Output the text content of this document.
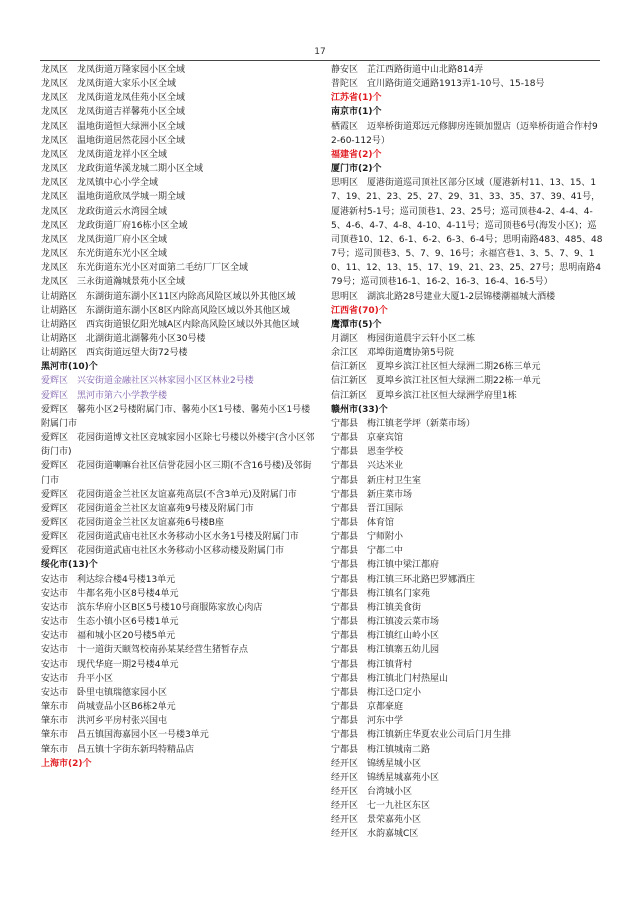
17
龙凤区　龙凤街道万隆家园小区全域
龙凤区　龙凤街道大家乐小区全域
龙凤区　龙凤街道龙凤佳苑小区全域
龙凤区　龙凤街道吉祥馨苑小区全域
龙凤区　温地街道恒大绿洲小区全域
龙凤区　温地街道居然花园小区全域
龙凤区　龙凤街道龙祥小区全域
龙凤区　龙政街道华溪龙城二期小区全域
龙凤区　龙凤镇中心小学全域
龙凤区　温地街道欣凤学城一期全域
龙凤区　龙政街道云水湾园全域
龙凤区　龙政街道厂府16栋小区全域
龙凤区　龙凤街道厂府小区全域
龙凤区　东光街道东光小区全域
龙凤区　东光街道东光小区对面第二毛纺厂厂区全域
龙凤区　三永街道瀚城景苑小区全域
让胡路区　东湖街道东湖小区11区内除高风险区域以外其他区域
让胡路区　东湖街道东湖小区8区内除高风险区域以外其他区域
让胡路区　西宾街道银亿阳光城A区内除高风险区域以外其他区域
让胡路区　北湖街道北湖馨苑小区30号楼
让胡路区　西宾街道远望大街72号楼
黑河市(10)个
爱辉区　兴安街道金融社区兴林家园小区区林业2号楼
爱辉区　黑河市第六小学教学楼
爱辉区　馨苑小区2号楼附属门市、馨苑小区1号楼、馨苑小区1号楼附属门市
爱辉区　花园街道博文社区竞城家园小区除七号楼以外楼宇(含小区邻街门市)
爱辉区　花园街道喇嘛台社区信誉花园小区三期(不含16号楼)及邻街门市
爱辉区　花园街道金兰社区友谊嘉苑高层(不含3单元)及附属门市
爱辉区　花园街道金兰社区友谊嘉苑9号楼及附属门市
爱辉区　花园街道金兰社区友谊嘉苑6号楼B座
爱辉区　花园街道武庙屯社区水务移动小区水务1号楼及附属门市
爱辉区　花园街道武庙屯社区水务移动小区移动楼及附属门市
绥化市(13)个
安达市　利达综合楼4号楼13单元
安达市　牛都名苑小区8号楼4单元
安达市　滨东华府小区B区5号楼10号商服陈家放心肉店
安达市　生态小镇小区6号楼1单元
安达市　福和城小区20号楼5单元
安达市　十一道街天颐驾校南孙某某经营生猪暂存点
安达市　现代华庭一期2号楼4单元
安达市　升平小区
安达市　卧里屯镇瑞德家园小区
肇东市　尚城壹品小区B6栋2单元
肇东市　洪河乡平房村张兴国屯
肇东市　昌五镇国海嘉园小区一号楼3单元
肇东市　昌五镇十字街东新玛特精品店
上海市(2)个
静安区　芷江西路街道中山北路814弄
普陀区　宜川路街道交通路1913弄1-10号、15-18号
江苏省(1)个
南京市(1)个
栖霞区　迈皋桥街道郑远元修脚房连锁加盟店（迈皋桥街道合作村92-60-112号）
福建省(2)个
厦门市(2)个
思明区　厦港街道巡司顶社区部分区域（厦港新村11、13、15、17、19、21、23、25、27、29、31、33、35、37、39、41号，厦港新村5-1号；巡司顶巷1、23、25号；巡司顶巷4-2、4-4、4-5、4-6、4-7、4-8、4-10、4-11号；巡司顶巷6号(海发小区)；巡司顶巷10、12、6-1、6-2、6-3、6-4号；思明南路483、485、487号；巡司顶巷3、5、7、9、16号；永福宫巷1、3、5、7、9、10、11、12、13、15、17、19、21、23、25、27号；思明南路479号；巡司顶巷16-1、16-2、16-3、16-4、16-5号）
思明区　湖滨北路28号建业大厦1-2层锦楼潮福城大酒楼
江西省(70)个
鹰潭市(5)个
月湖区　梅园街道晨宇云轩小区二栋
余江区　邓埠街道鹰协第5号院
信江新区　夏埠乡滨江社区恒大绿洲二期26栋三单元
信江新区　夏埠乡滨江社区恒大绿洲二期22栋一单元
信江新区　夏埠乡滨江社区恒大绿洲学府里1栋
赣州市(33)个
宁都县　梅江镇老学坪（新菜市场）
宁都县　京豪宾馆
宁都县　恩奎学校
宁都县　兴达米业
宁都县　新庄村卫生室
宁都县　新庄菜市场
宁都县　晋江国际
宁都县　体育馆
宁都县　宁师附小
宁都县　宁都二中
宁都县　梅江镇中梁江都府
宁都县　梅江镇三环北路巴罗娜酒庄
宁都县　梅江镇名门家苑
宁都县　梅江镇美食街
宁都县　梅江镇凌云菜市场
宁都县　梅江镇红山岭小区
宁都县　梅江镇寨五幼儿园
宁都县　梅江镇背村
宁都县　梅江镇北门村热屋山
宁都县　梅江迳口定小
宁都县　京都豪庭
宁都县　河东中学
宁都县　梅江镇新庄华夏农业公司后门月生排
宁都县　梅江镇城南二路
经开区　锦绣星城小区
经开区　锦绣星城嘉苑小区
经开区　台湾城小区
经开区　七一九社区东区
经开区　景荣嘉苑小区
经开区　水韵嘉城C区
